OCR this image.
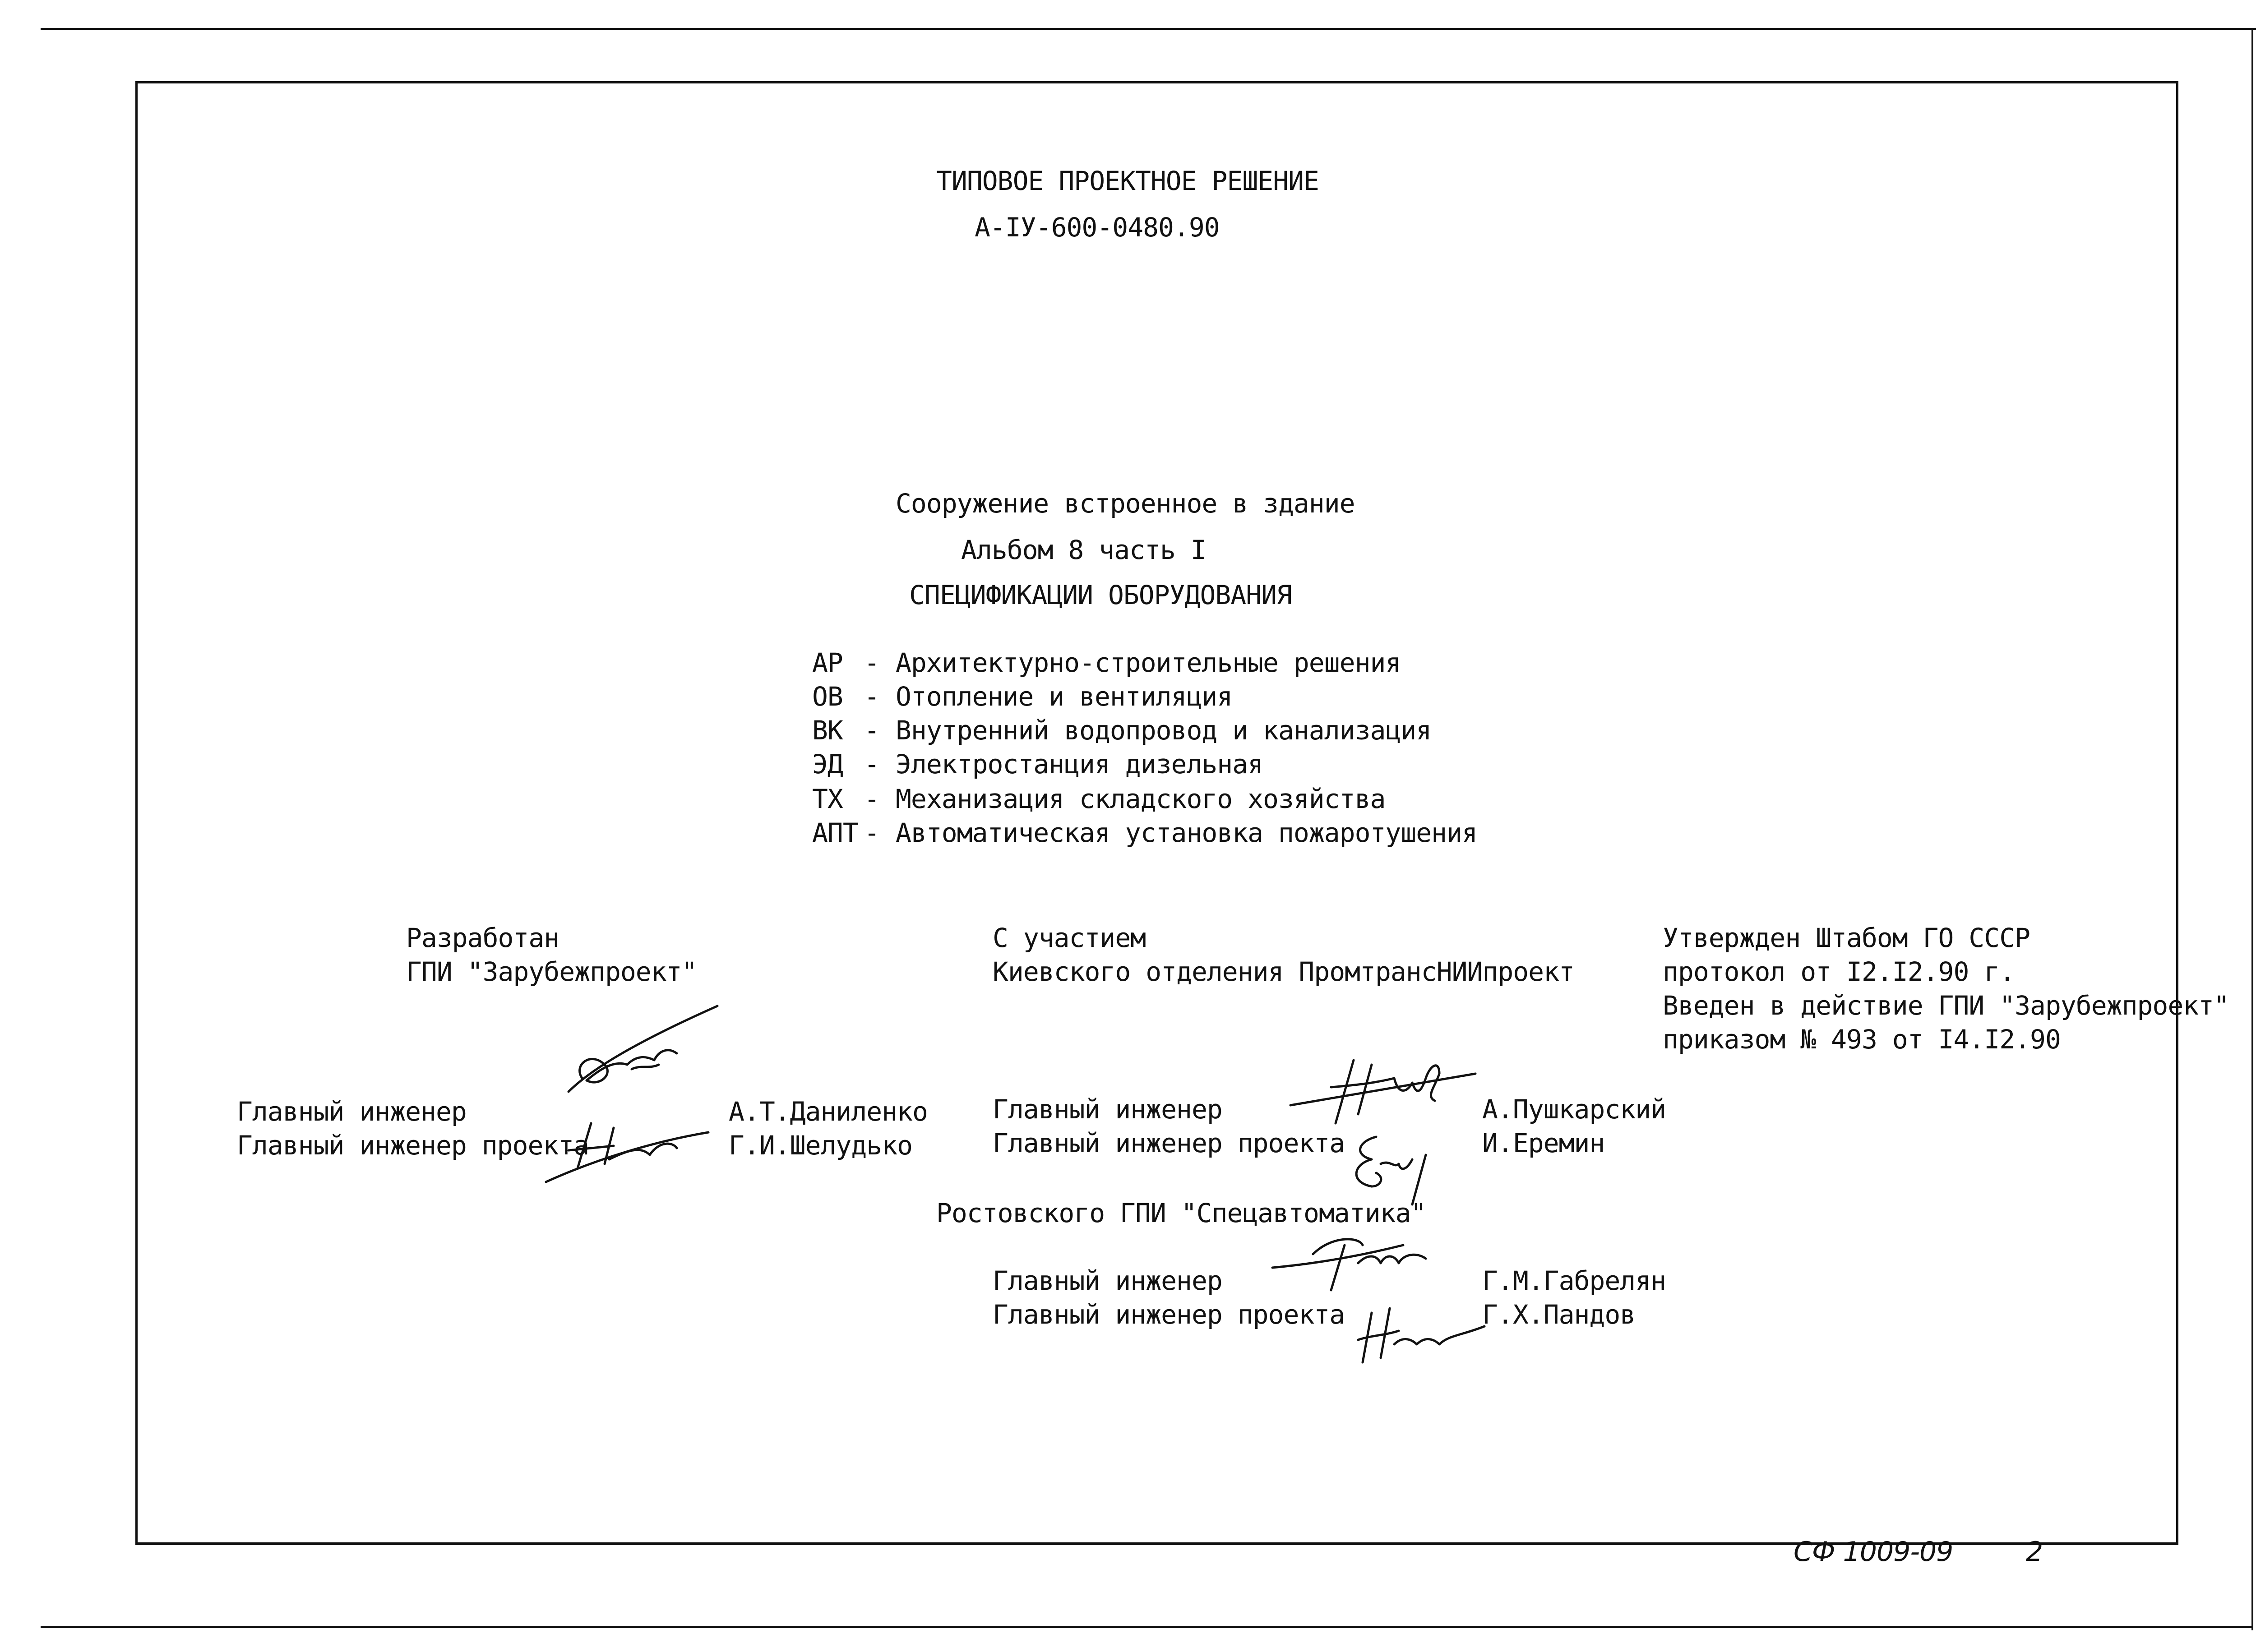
ТИПОВОЕ ПРОЕКТНОЕ РЕШЕНИЕ
А-IУ-600-0480.90
Сооружение встроенное в здание
Альбом 8 часть I
СПЕЦИФИКАЦИИ ОБОРУДОВАНИЯ
АР - Архитектурно-строительные решения
ОВ - Отопление и вентиляция
ВК - Внутренний водопровод и канализация
ЭД - Электростанция дизельная
ТХ - Механизация складского хозяйства
АПТ - Автоматическая установка пожаротушения
Разработан
ГПИ "Зарубежпроект"
Главный инженер	А.Т.Даниленко
Главный инженер проекта	Г.И.Шелудько
С участием
Киевского отделения ПромтрансНИИпроект
Главный инженер	А.Пушкарский
Главный инженер проекта	И.Еремин
Ростовского ГПИ "Спецавтоматика"
Главный инженер	Г.М.Габрелян
Главный инженер проекта	Г.Х.Пандов
Утвержден Штабом ГО СССР
протокол от I2.I2.90 г.
Введен в действие ГПИ "Зарубежпроект"
приказом № 493 от I4.I2.90
СФ 1009-09	2
